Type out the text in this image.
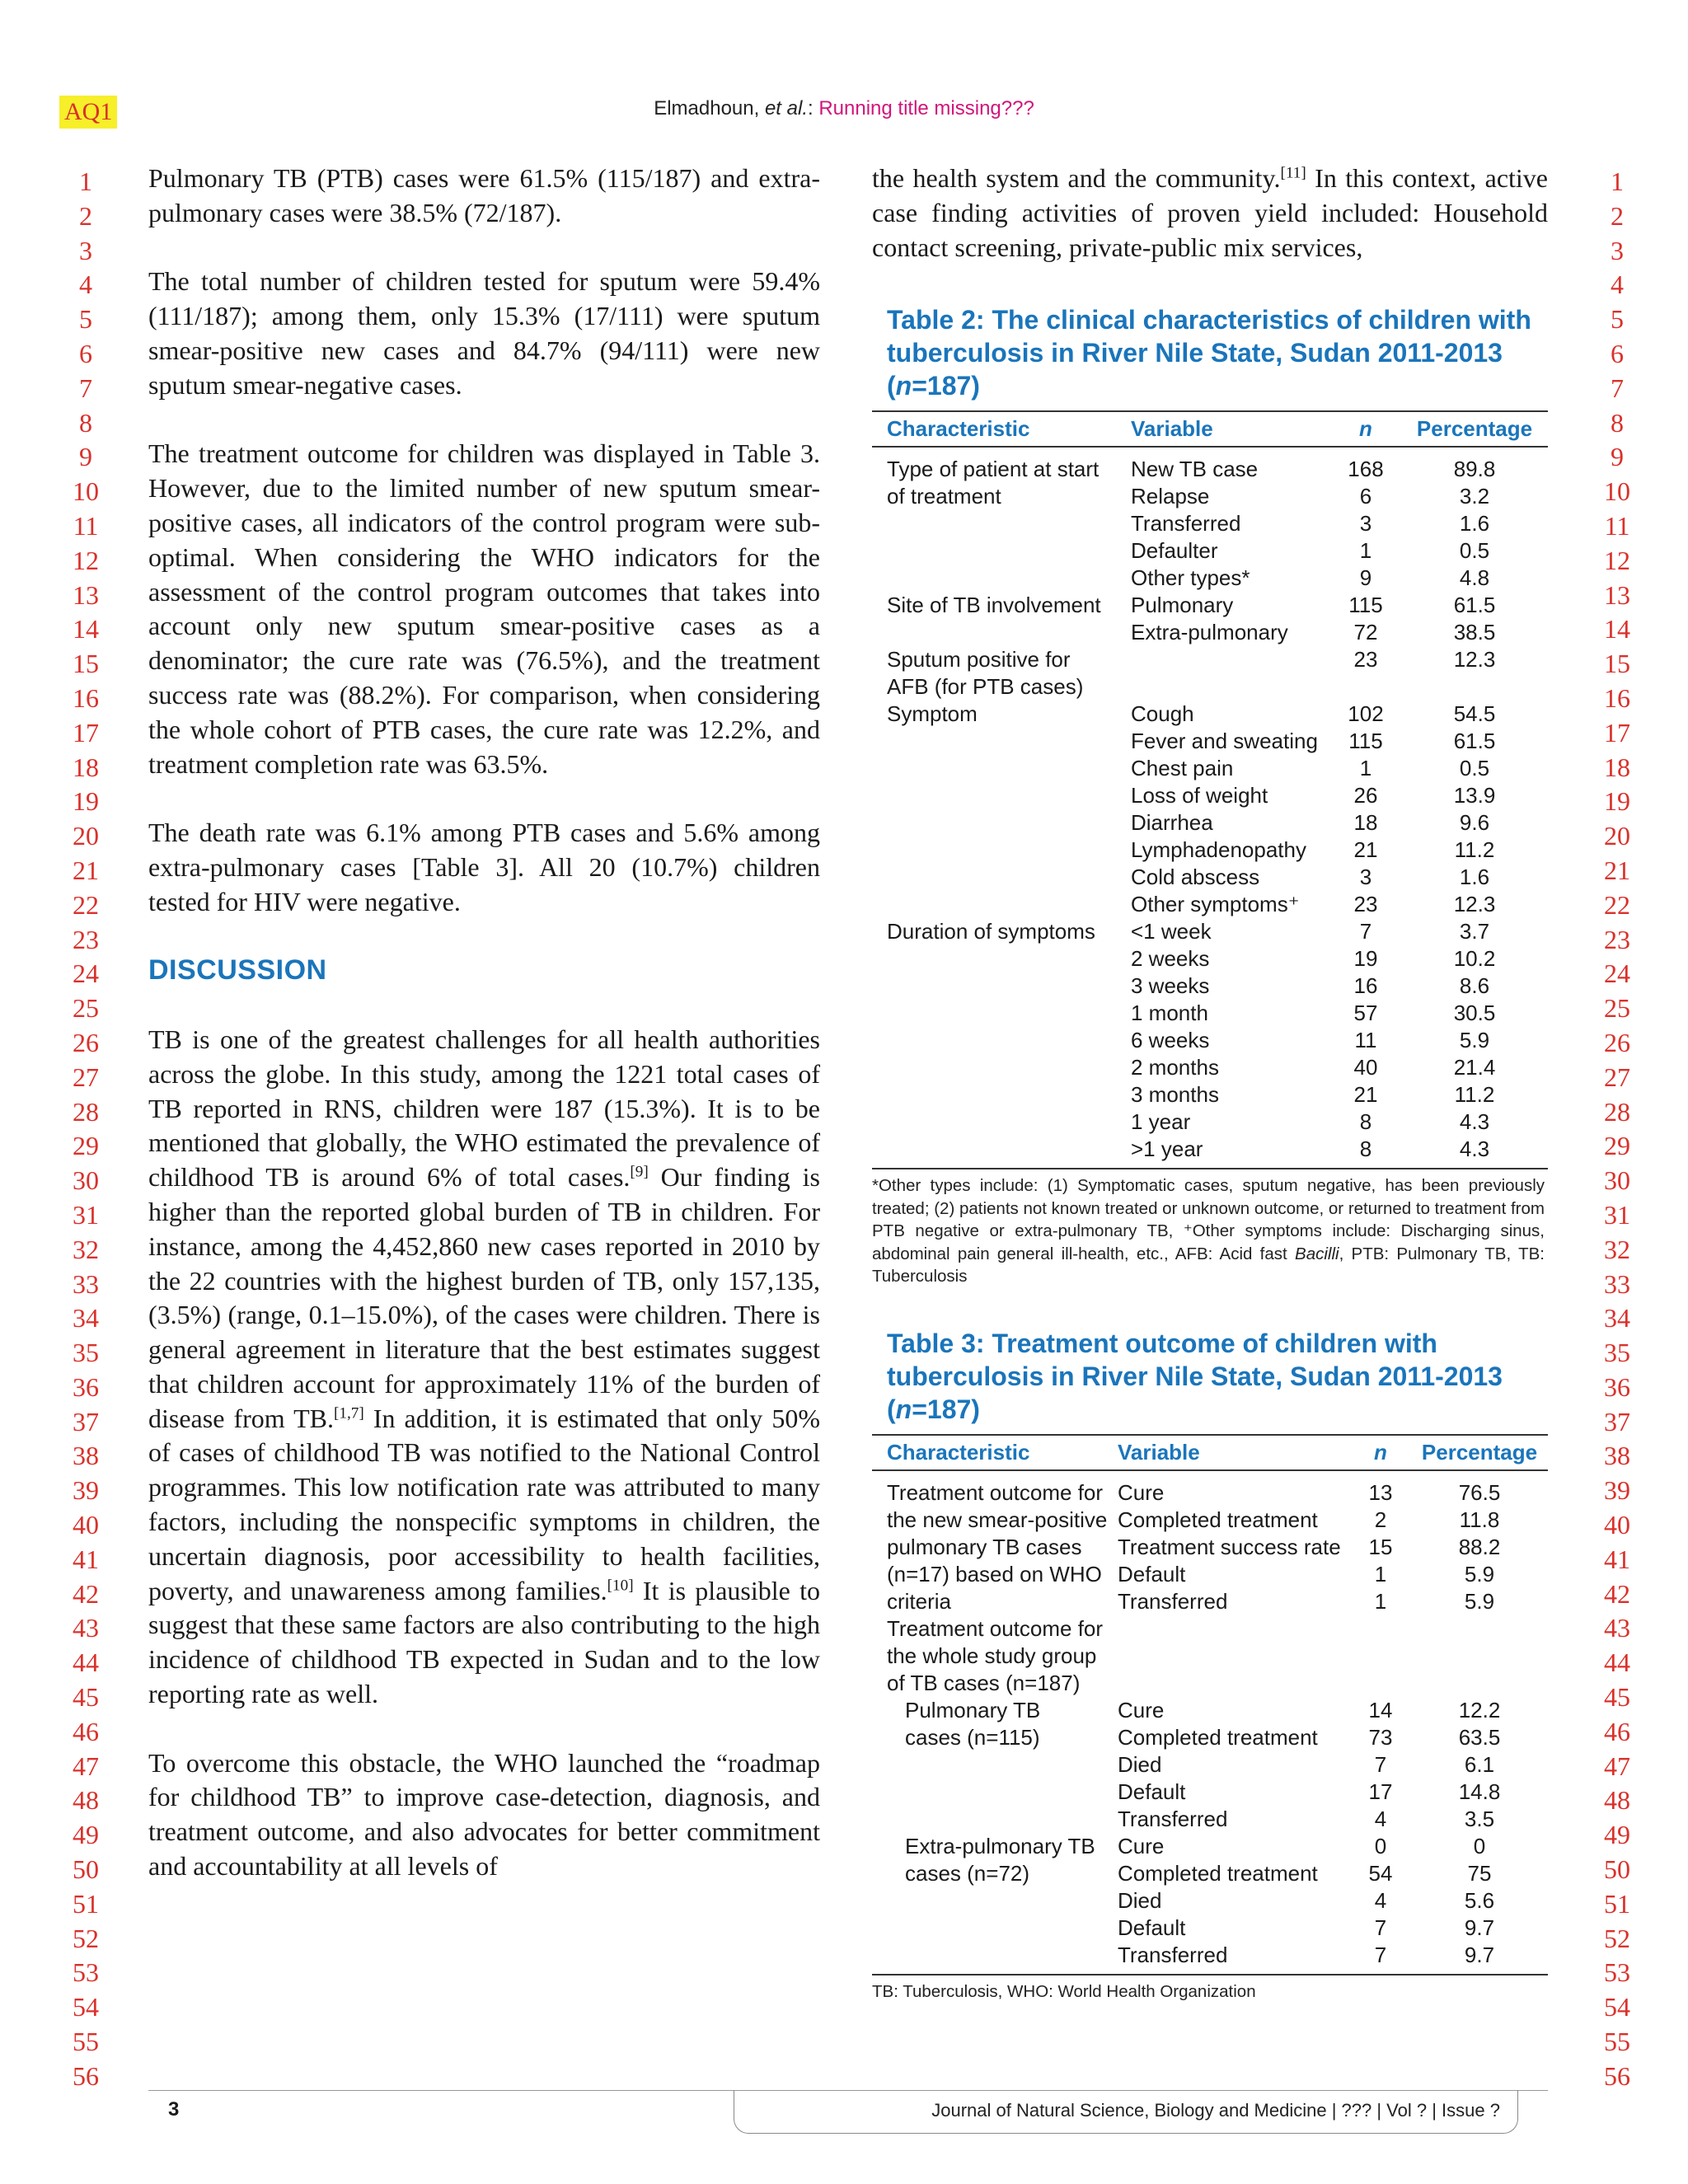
AQ1	Elmadhoun, et al.: Running title missing???
1
2
3
4
5
6
7
8
9
10
11
12
13
14
15
16
17
18
19
20
21
22
23
24
25
26
27
28
29
30
31
32
33
34
35
36
37
38
39
40
41
42
43
44
45
46
47
48
49
50
51
52
53
54
55
56
1
2
3
4
5
6
7
8
9
10
11
12
13
14
15
16
17
18
19
20
21
22
23
24
25
26
27
28
29
30
31
32
33
34
35
36
37
38
39
40
41
42
43
44
45
46
47
48
49
50
51
52
53
54
55
56

Pulmonary TB (PTB) cases were 61.5% (115/187) and extra-pulmonary cases were 38.5% (72/187).

The total number of children tested for sputum were 59.4% (111/187); among them, only 15.3% (17/111) were sputum smear-positive new cases and 84.7% (94/111) were new sputum smear-negative cases.

The treatment outcome for children was displayed in Table 3. However, due to the limited number of new sputum smear-positive cases, all indicators of the control program were sub-optimal. When considering the WHO indicators for the assessment of the control program outcomes that takes into account only new sputum smear-positive cases as a denominator; the cure rate was (76.5%), and the treatment success rate was (88.2%). For comparison, when considering the whole cohort of PTB cases, the cure rate was 12.2%, and treatment completion rate was 63.5%.

The death rate was 6.1% among PTB cases and 5.6% among extra-pulmonary cases [Table 3]. All 20 (10.7%) children tested for HIV were negative.

DISCUSSION

TB is one of the greatest challenges for all health authorities across the globe. In this study, among the 1221 total cases of TB reported in RNS, children were 187 (15.3%). It is to be mentioned that globally, the WHO estimated the prevalence of childhood TB is around 6% of total cases.[9] Our finding is higher than the reported global burden of TB in children. For instance, among the 4,452,860 new cases reported in 2010 by the 22 countries with the highest burden of TB, only 157,135, (3.5%) (range, 0.1–15.0%), of the cases were children. There is general agreement in literature that the best estimates suggest that children account for approximately 11% of the burden of disease from TB.[1,7] In addition, it is estimated that only 50% of cases of childhood TB was notified to the National Control programmes. This low notification rate was attributed to many factors, including the nonspecific symptoms in children, the uncertain diagnosis, poor accessibility to health facilities, poverty, and unawareness among families.[10] It is plausible to suggest that these same factors are also contributing to the high incidence of childhood TB expected in Sudan and to the low reporting rate as well.

To overcome this obstacle, the WHO launched the “roadmap for childhood TB” to improve case-detection, diagnosis, and treatment outcome, and also advocates for better commitment and accountability at all levels of

the health system and the community.[11] In this context, active case finding activities of proven yield included: Household contact screening, private-public mix services,

Table 2: The clinical characteristics of children with tuberculosis in River Nile State, Sudan 2011-2013 (n=187)
Characteristic	Variable	n	Percentage
Type of patient at start	New TB case	168	89.8
of treatment	Relapse	6	3.2
	Transferred	3	1.6
	Defaulter	1	0.5
	Other types*	9	4.8
Site of TB involvement	Pulmonary	115	61.5
	Extra-pulmonary	72	38.5
Sputum positive for		23	12.3
AFB (for PTB cases)			
Symptom	Cough	102	54.5
	Fever and sweating	115	61.5
	Chest pain	1	0.5
	Loss of weight	26	13.9
	Diarrhea	18	9.6
	Lymphadenopathy	21	11.2
	Cold abscess	3	1.6
	Other symptoms⁺	23	12.3
Duration of symptoms	<1 week	7	3.7
	2 weeks	19	10.2
	3 weeks	16	8.6
	1 month	57	30.5
	6 weeks	11	5.9
	2 months	40	21.4
	3 months	21	11.2
	1 year	8	4.3
	>1 year	8	4.3
*Other types include: (1) Symptomatic cases, sputum negative, has been previously treated; (2) patients not known treated or unknown outcome, or returned to treatment from PTB negative or extra-pulmonary TB, ⁺Other symptoms include: Discharging sinus, abdominal pain general ill-health, etc., AFB: Acid fast Bacilli, PTB: Pulmonary TB, TB: Tuberculosis
Table 3: Treatment outcome of children with tuberculosis in River Nile State, Sudan 2011-2013 (n=187)
Characteristic	Variable	n	Percentage
Treatment outcome for	Cure	13	76.5
the new smear-positive	Completed treatment	2	11.8
pulmonary TB cases	Treatment success rate	15	88.2
(n=17) based on WHO	Default	1	5.9
criteria	Transferred	1	5.9
Treatment outcome for			
the whole study group			
of TB cases (n=187)			
Pulmonary TB	Cure	14	12.2
cases (n=115)	Completed treatment	73	63.5
	Died	7	6.1
	Default	17	14.8
	Transferred	4	3.5
Extra-pulmonary TB	Cure	0	0
cases (n=72)	Completed treatment	54	75
	Died	4	5.6
	Default	7	9.7
	Transferred	7	9.7
TB: Tuberculosis, WHO: World Health Organization
3	Journal of Natural Science, Biology and Medicine | ??? | Vol ? | Issue ?
